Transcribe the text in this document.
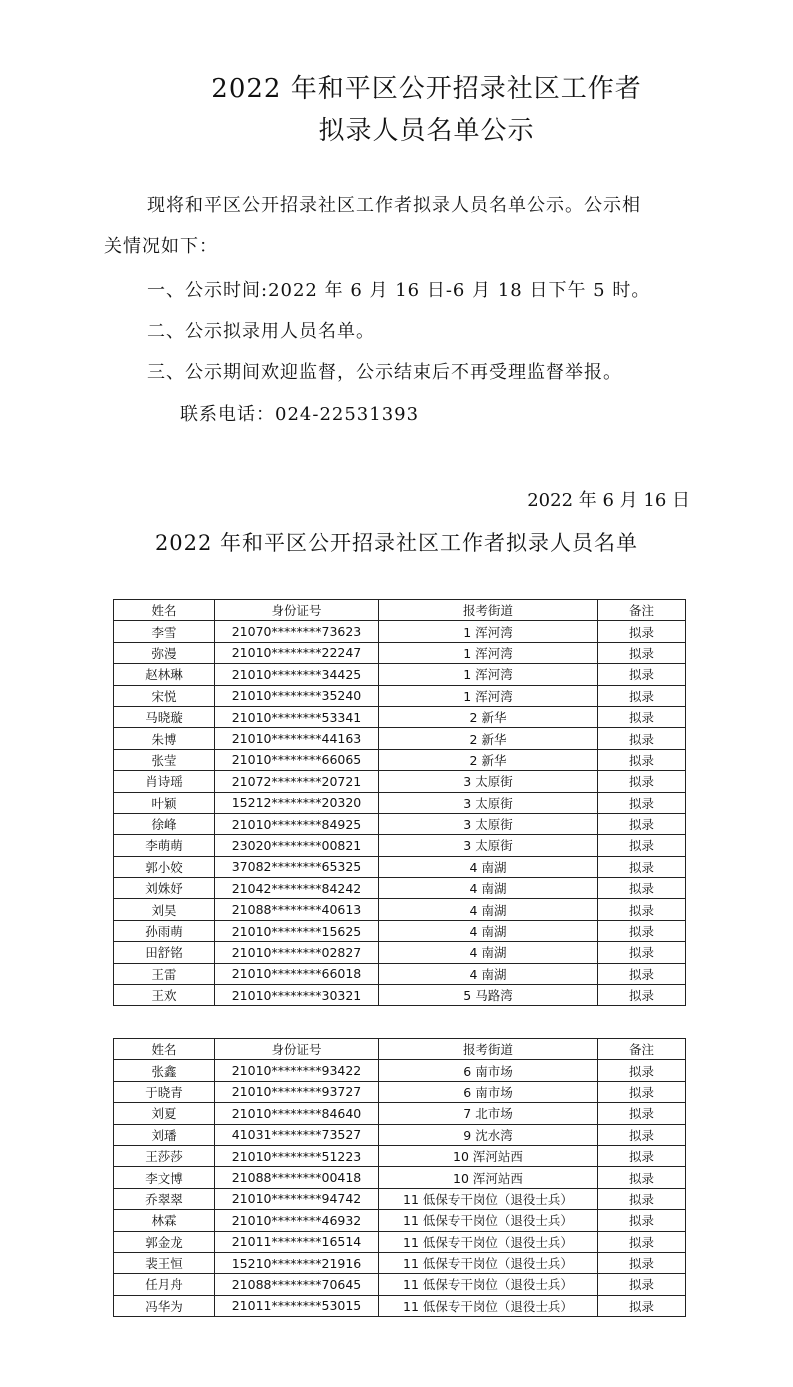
2022 年和平区公开招录社区工作者
拟录人员名单公示
现将和平区公开招录社区工作者拟录人员名单公示。公示相
关情况如下：
一、公示时间:2022 年 6 月 16 日-6 月 18 日下午 5 时。
二、公示拟录用人员名单。
三、公示期间欢迎监督，公示结束后不再受理监督举报。
联系电话：024-22531393
2022 年 6 月 16 日
2022 年和平区公开招录社区工作者拟录人员名单
姓名	身份证号	报考街道	备注
李雪	21070********73623	1 浑河湾	拟录
弥漫	21010********22247	1 浑河湾	拟录
赵林琳	21010********34425	1 浑河湾	拟录
宋悦	21010********35240	1 浑河湾	拟录
马晓璇	21010********53341	2 新华	拟录
朱博	21010********44163	2 新华	拟录
张莹	21010********66065	2 新华	拟录
肖诗瑶	21072********20721	3 太原街	拟录
叶颖	15212********20320	3 太原街	拟录
徐峰	21010********84925	3 太原街	拟录
李萌萌	23020********00821	3 太原街	拟录
郭小姣	37082********65325	4 南湖	拟录
刘姝妤	21042********84242	4 南湖	拟录
刘昊	21088********40613	4 南湖	拟录
孙雨萌	21010********15625	4 南湖	拟录
田舒铭	21010********02827	4 南湖	拟录
王雷	21010********66018	4 南湖	拟录
王欢	21010********30321	5 马路湾	拟录
姓名	身份证号	报考街道	备注
张鑫	21010********93422	6 南市场	拟录
于晓青	21010********93727	6 南市场	拟录
刘夏	21010********84640	7 北市场	拟录
刘璠	41031********73527	9 沈水湾	拟录
王莎莎	21010********51223	10 浑河站西	拟录
李文博	21088********00418	10 浑河站西	拟录
乔翠翠	21010********94742	11 低保专干岗位（退役士兵）	拟录
林霖	21010********46932	11 低保专干岗位（退役士兵）	拟录
郭金龙	21011********16514	11 低保专干岗位（退役士兵）	拟录
裴王恒	15210********21916	11 低保专干岗位（退役士兵）	拟录
任月舟	21088********70645	11 低保专干岗位（退役士兵）	拟录
冯华为	21011********53015	11 低保专干岗位（退役士兵）	拟录
